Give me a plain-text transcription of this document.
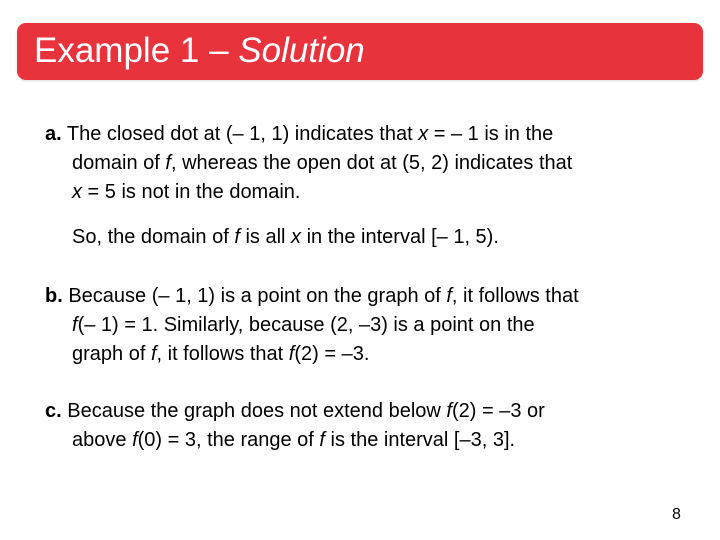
Example 1 – Solution
a. The closed dot at (– 1, 1) indicates that x = – 1 is in the
domain of f, whereas the open dot at (5, 2) indicates that
x = 5 is not in the domain.
So, the domain of f is all x in the interval [– 1, 5).
b. Because (– 1, 1) is a point on the graph of f, it follows that
f(– 1) = 1. Similarly, because (2, –3) is a point on the
graph of f, it follows that f(2) = –3.
c. Because the graph does not extend below f(2) = –3 or
above f(0) = 3, the range of f is the interval [–3, 3].
8
